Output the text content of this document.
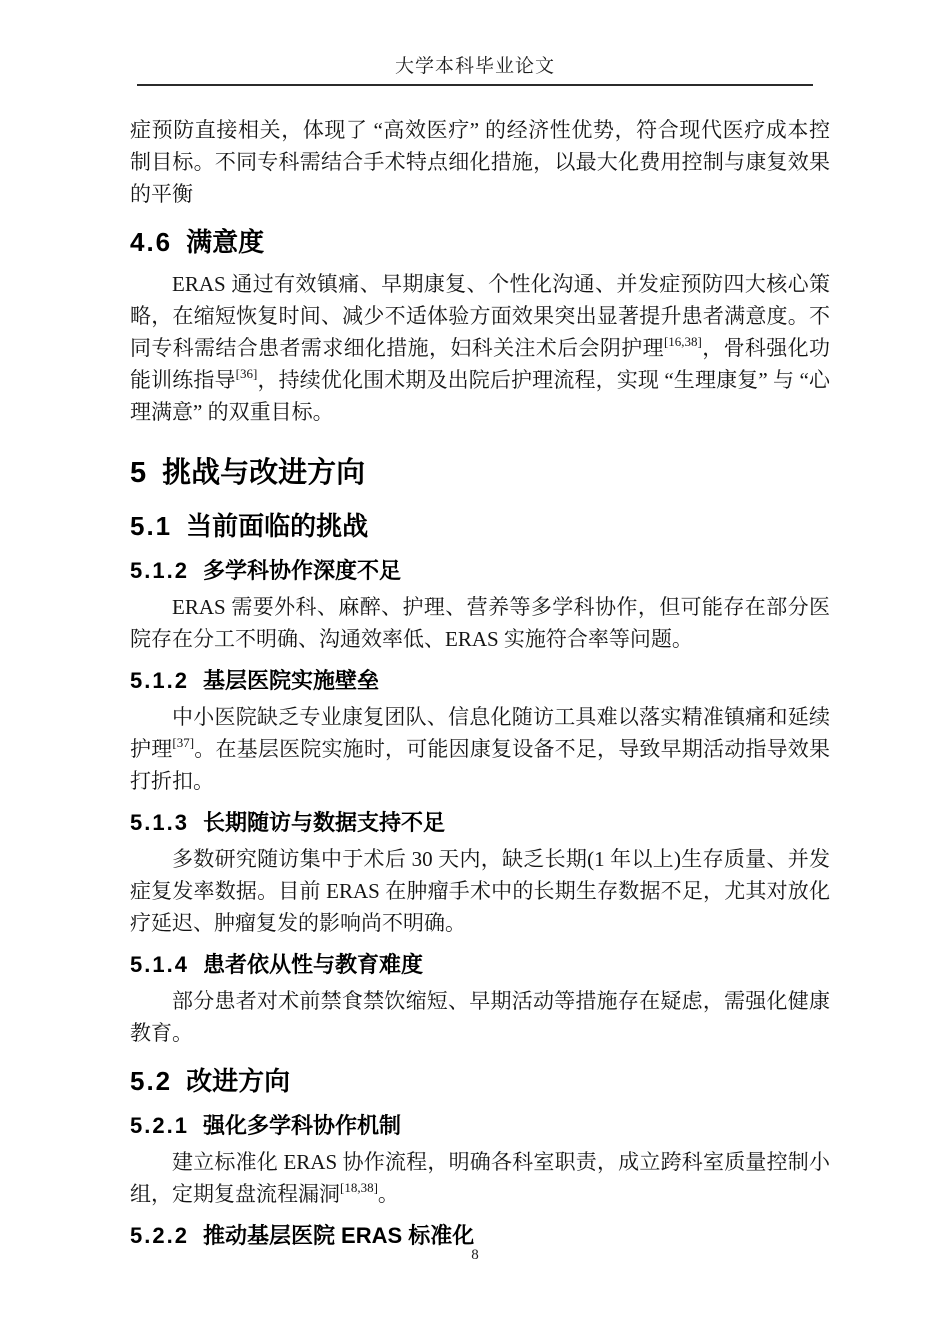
大学本科毕业论文

症预防直接相关，体现了 “高效医疗” 的经济性优势，符合现代医疗成本控制目标。不同专科需结合手术特点细化措施，以最大化费用控制与康复效果的平衡

4.6 满意度

ERAS 通过有效镇痛、早期康复、个性化沟通、并发症预防四大核心策略，在缩短恢复时间、减少不适体验方面效果突出显著提升患者满意度。不同专科需结合患者需求细化措施，妇科关注术后会阴护理[16,38]，骨科强化功能训练指导[36]，持续优化围术期及出院后护理流程，实现 “生理康复” 与 “心理满意” 的双重目标。

5 挑战与改进方向
5.1 当前面临的挑战
5.1.2 多学科协作深度不足

ERAS 需要外科、麻醉、护理、营养等多学科协作，但可能存在部分医院存在分工不明确、沟通效率低、ERAS 实施符合率等问题。

5.1.2 基层医院实施壁垒

中小医院缺乏专业康复团队、信息化随访工具难以落实精准镇痛和延续护理[37]。在基层医院实施时，可能因康复设备不足，导致早期活动指导效果打折扣。

5.1.3 长期随访与数据支持不足

多数研究随访集中于术后 30 天内，缺乏长期(1 年以上)生存质量、并发症复发率数据。目前 ERAS 在肿瘤手术中的长期生存数据不足，尤其对放化疗延迟、肿瘤复发的影响尚不明确。

5.1.4 患者依从性与教育难度

部分患者对术前禁食禁饮缩短、早期活动等措施存在疑虑，需强化健康教育。

5.2 改进方向
5.2.1 强化多学科协作机制

建立标准化 ERAS 协作流程，明确各科室职责，成立跨科室质量控制小组，定期复盘流程漏洞[18,38]。

5.2.2 推动基层医院 ERAS 标准化
8
